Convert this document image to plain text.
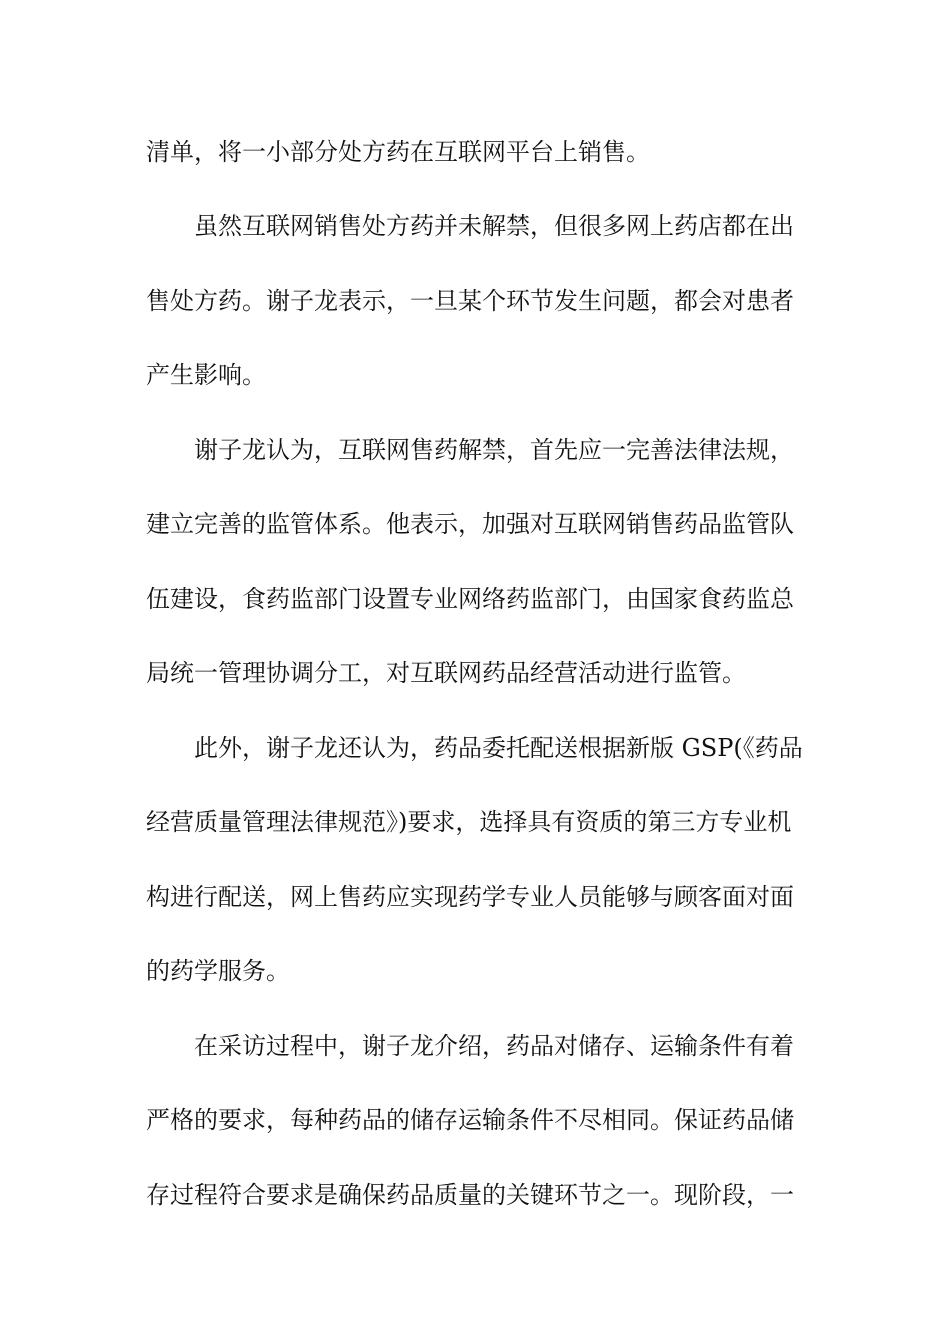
清单，将一小部分处方药在互联网平台上销售。
虽然互联网销售处方药并未解禁，但很多网上药店都在出
售处方药。谢子龙表示，一旦某个环节发生问题，都会对患者
产生影响。
谢子龙认为，互联网售药解禁，首先应一完善法律法规，
建立完善的监管体系。他表示，加强对互联网销售药品监管队
伍建设，食药监部门设置专业网络药监部门，由国家食药监总
局统一管理协调分工，对互联网药品经营活动进行监管。
此外，谢子龙还认为，药品委托配送根据新版 GSP(《药品
经营质量管理法律规范》)要求，选择具有资质的第三方专业机
构进行配送，网上售药应实现药学专业人员能够与顾客面对面
的药学服务。
在采访过程中，谢子龙介绍，药品对储存、运输条件有着
严格的要求，每种药品的储存运输条件不尽相同。保证药品储
存过程符合要求是确保药品质量的关键环节之一。现阶段，一
